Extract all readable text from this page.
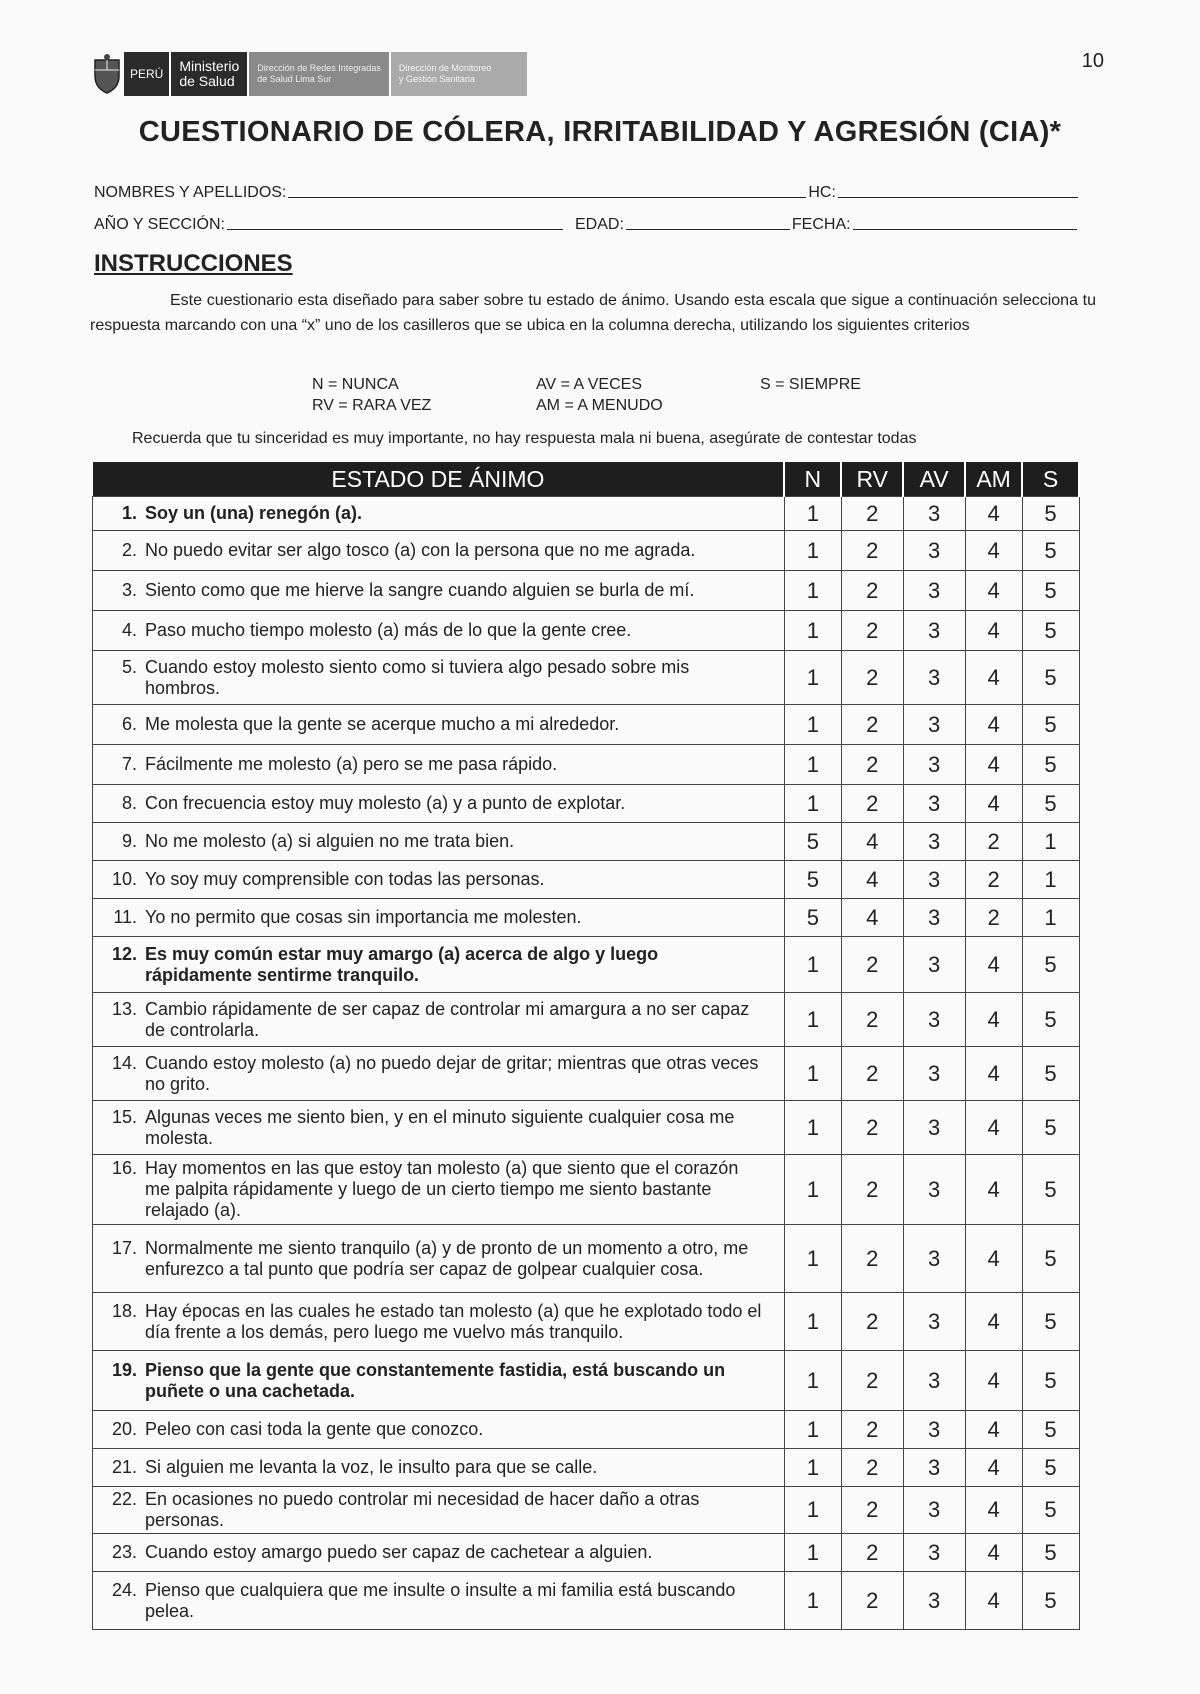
10
PERÚ	Ministerio
de Salud
Dirección de Redes Integradas
de Salud Lima Sur
Dirección de Monitoreo
y Gestión Sanitaria
CUESTIONARIO DE CÓLERA, IRRITABILIDAD Y AGRESIÓN (CIA)*
NOMBRES Y APELLIDOS:	HC:
AÑO Y SECCIÓN:	EDAD:	FECHA:
INSTRUCCIONES
Este cuestionario esta diseñado para saber sobre tu estado de ánimo. Usando esta escala que sigue a continuación selecciona tu respuesta marcando con una “x” uno de los casilleros que se ubica en la columna derecha, utilizando los siguientes criterios
N = NUNCA
RV = RARA VEZ
AV = A VECES
AM = A MENUDO
S = SIEMPRE
Recuerda que tu sinceridad es muy importante, no hay respuesta mala ni buena, asegúrate de contestar todas
ESTADO DE ÁNIMO	N	RV	AV	AM	S
1. Soy un (una) renegón (a).	1	2	3	4	5
2. No puedo evitar ser algo tosco (a) con la persona que no me agrada.	1	2	3	4	5
3. Siento como que me hierve la sangre cuando alguien se burla de mí.	1	2	3	4	5
4. Paso mucho tiempo molesto (a) más de lo que la gente cree.	1	2	3	4	5
5. Cuando estoy molesto siento como si tuviera algo pesado sobre mis hombros.	1	2	3	4	5
6. Me molesta que la gente se acerque mucho a mi alrededor.	1	2	3	4	5
7. Fácilmente me molesto (a) pero se me pasa rápido.	1	2	3	4	5
8. Con frecuencia estoy muy molesto (a) y a punto de explotar.	1	2	3	4	5
9. No me molesto (a) si alguien no me trata bien.	5	4	3	2	1
10. Yo soy muy comprensible con todas las personas.	5	4	3	2	1
11. Yo no permito que cosas sin importancia me molesten.	5	4	3	2	1
12. Es muy común estar muy amargo (a) acerca de algo y luego rápidamente sentirme tranquilo.	1	2	3	4	5
13. Cambio rápidamente de ser capaz de controlar mi amargura a no ser capaz de controlarla.	1	2	3	4	5
14. Cuando estoy molesto (a) no puedo dejar de gritar; mientras que otras veces no grito.	1	2	3	4	5
15. Algunas veces me siento bien, y en el minuto siguiente cualquier cosa me molesta.	1	2	3	4	5
16. Hay momentos en las que estoy tan molesto (a) que siento que el corazón me palpita rápidamente y luego de un cierto tiempo me siento bastante relajado (a).	1	2	3	4	5
17. Normalmente me siento tranquilo (a) y de pronto de un momento a otro, me enfurezco a tal punto que podría ser capaz de golpear cualquier cosa.	1	2	3	4	5
18. Hay épocas en las cuales he estado tan molesto (a) que he explotado todo el día frente a los demás, pero luego me vuelvo más tranquilo.	1	2	3	4	5
19. Pienso que la gente que constantemente fastidia, está buscando un puñete o una cachetada.	1	2	3	4	5
20. Peleo con casi toda la gente que conozco.	1	2	3	4	5
21. Si alguien me levanta la voz, le insulto para que se calle.	1	2	3	4	5
22. En ocasiones no puedo controlar mi necesidad de hacer daño a otras personas.	1	2	3	4	5
23. Cuando estoy amargo puedo ser capaz de cachetear a alguien.	1	2	3	4	5
24. Pienso que cualquiera que me insulte o insulte a mi familia está buscando pelea.	1	2	3	4	5
